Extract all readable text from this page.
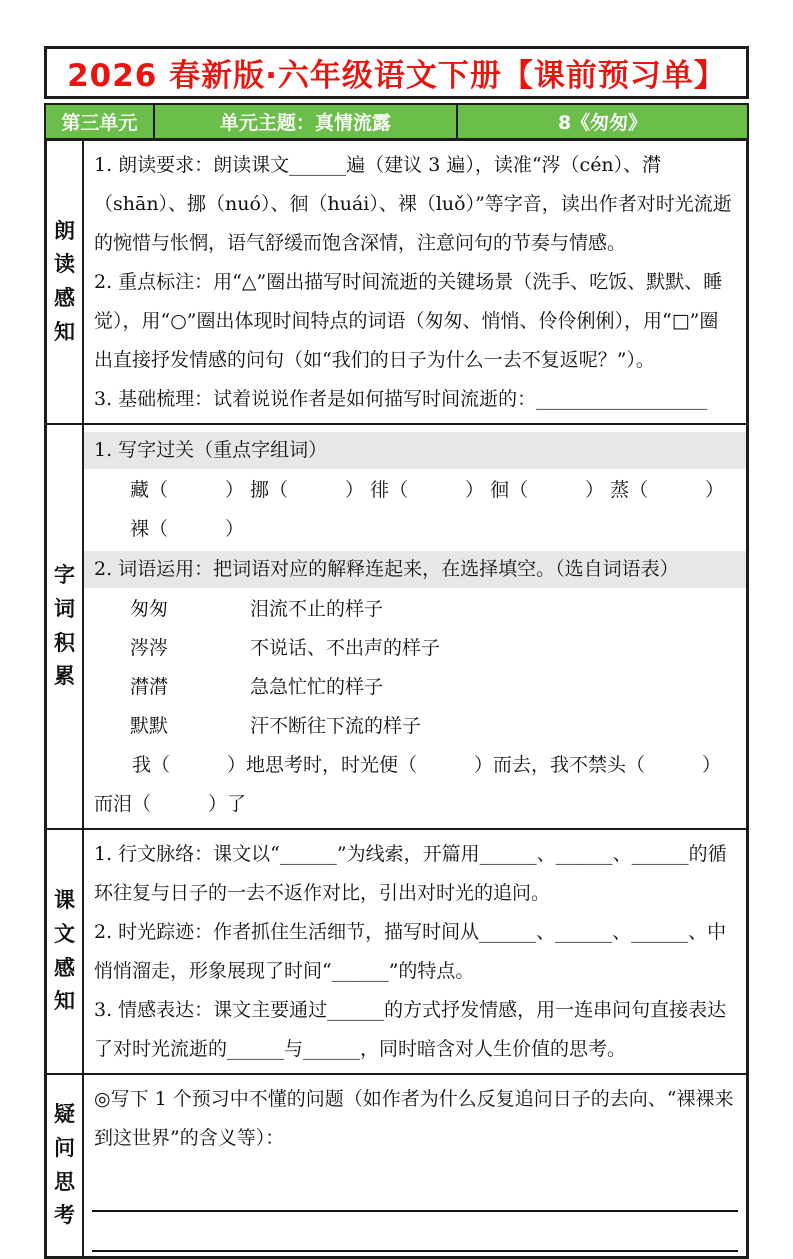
2026 春新版·六年级语文下册【课前预习单】
第三单元	单元主题：真情流露	8《匆匆》
朗读感知

1. 朗读要求：朗读课文______遍（建议 3 遍），读准“涔（cén）、潸（shān）、挪（nuó）、徊（huái）、裸（luǒ）”等字音，读出作者对时光流逝的惋惜与怅惘，语气舒缓而饱含深情，注意问句的节奏与情感。

2. 重点标注：用“△”圈出描写时间流逝的关键场景（洗手、吃饭、默默、睡觉），用“○”圈出体现时间特点的词语（匆匆、悄悄、伶伶俐俐），用“□”圈出直接抒发情感的问句（如“我们的日子为什么一去不复返呢？”）。

3. 基础梳理：试着说说作者是如何描写时间流逝的：__________________

字词积累

1. 写字过关（重点字组词）

藏（　　　） 挪（　　　） 徘（　　　） 徊（　　　） 蒸（　　　）

裸（　　　）

2. 词语运用：把词语对应的解释连起来，在选择填空。（选自词语表）

匆匆	泪流不止的样子
涔涔	不说话、不出声的样子
潸潸	急急忙忙的样子
默默	汗不断往下流的样子

我（　　　）地思考时，时光便（　　　）而去，我不禁头（　　　）而泪（　　　）了

课文感知

1. 行文脉络：课文以“______”为线索，开篇用______、______、______的循环往复与日子的一去不返作对比，引出对时光的追问。

2. 时光踪迹：作者抓住生活细节，描写时间从______、______、______、中悄悄溜走，形象展现了时间“______”的特点。

3. 情感表达：课文主要通过______的方式抒发情感，用一连串问句直接表达了对时光流逝的______与______，同时暗含对人生价值的思考。

疑问思考

◎写下 1 个预习中不懂的问题（如作者为什么反复追问日子的去向、“裸裸来到这世界”的含义等）：
